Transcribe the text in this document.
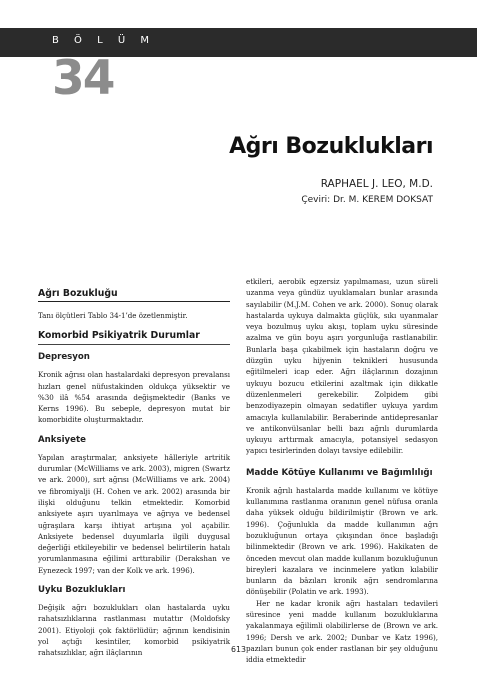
B Ö L Ü M
34
Ağrı Bozuklukları
RAPHAEL J. LEO, M.D.
Çeviri: Dr. M. KEREM DOKSAT
Ağrı Bozukluğu

Tanı ölçütleri Tablo 34-1’de özetlenmiştir.

Komorbid Psikiyatrik Durumlar
Depresyon

Kronik ağrısı olan hastalardaki depresyon prevalansı hızları genel nüfustakinden oldukça yüksektir ve %30 ilâ %54 arasında değişmektedir (Banks ve Kerns 1996). Bu sebeple, depresyon mutat bir komorbidite oluşturmaktadır.

Anksiyete

Yapılan araştırmalar, anksiyete hâlleriyle artritik durumlar (McWilliams ve ark. 2003), migren (Swartz ve ark. 2000), sırt ağrısı (McWilliams ve ark. 2004) ve fibromiyalji (H. Cohen ve ark. 2002) arasında bir ilişki olduğunu telkin etmektedir. Komorbid anksiyete aşırı uyarılmaya ve ağrıya ve bedensel uğraşılara karşı ihtiyat artışına yol açabilir. Anksiyete bedensel duyumlarla ilgili duygusal değerliği etkileyebilir ve bedensel belirtilerin hatalı yorumlanmasına eğilimi arttırabilir (Derakshan ve Eynezeck 1997; van der Kolk ve ark. 1996).

Uyku Bozuklukları

Değişik ağrı bozuklukları olan hastalarda uyku rahatsızlıklarına rastlanması mutattır (Moldofsky 2001). Etiyoloji çok faktörlüdür; ağrının kendisinin yol açtığı kesintiler, komorbid psikiyatrik rahatsızlıklar, ağrı ilâçlarının

etkileri, aerobik egzersiz yapılmaması, uzun süreli uzanma veya gündüz uyuklamaları bunlar arasında sayılabilir (M.J.M. Cohen ve ark. 2000). Sonuç olarak hastalarda uykuya dalmakta güçlük, sıkı uyanmalar veya bozulmuş uyku akışı, toplam uyku süresinde azalma ve gün boyu aşırı yorgunluğa rastlanabilir. Bunlarla başa çıkabilmek için hastaların doğru ve düzgün uyku hijyenin teknikleri hususunda eğitilmeleri icap eder. Ağrı ilâçlarının dozajının uykuyu bozucu etkilerini azaltmak için dikkatle düzenlenmeleri gerekebilir. Zolpidem gibi benzodiyazepin olmayan sedatifler uykuya yardım amacıyla kullanılabilir. Beraberinde antidepresanlar ve antikonvülsanlar belli bazı ağrılı durumlarda uykuyu arttırmak amacıyla, potansiyel sedasyon yapıcı tesirlerinden dolayı tavsiye edilebilir.

Madde Kötüye Kullanımı ve Bağımlılığı

Kronik ağrılı hastalarda madde kullanımı ve kötüye kullanımına rastlanma oranının genel nüfusa oranla daha yüksek olduğu bildirilmiştir (Brown ve ark. 1996). Çoğunlukla da madde kullanımın ağrı bozukluğunun ortaya çıkışından önce başladığı bilinmektedir (Brown ve ark. 1996). Hakikaten de önceden mevcut olan madde kullanım bozukluğunun bireyleri kazalara ve incinmelere yatkın kılabilir bunların da bâzıları kronik ağrı sendromlarına dönüşebilir (Polatin ve ark. 1993).

Her ne kadar kronik ağrı hastaları tedavileri süresince yeni madde kullanım bozukluklarına yakalanmaya eğilimli olabilirlerse de (Brown ve ark. 1996; Dersh ve ark. 2002; Dunbar ve Katz 1996), pazıları bunun çok ender rastlanan bir şey olduğunu iddia etmektedir

613
